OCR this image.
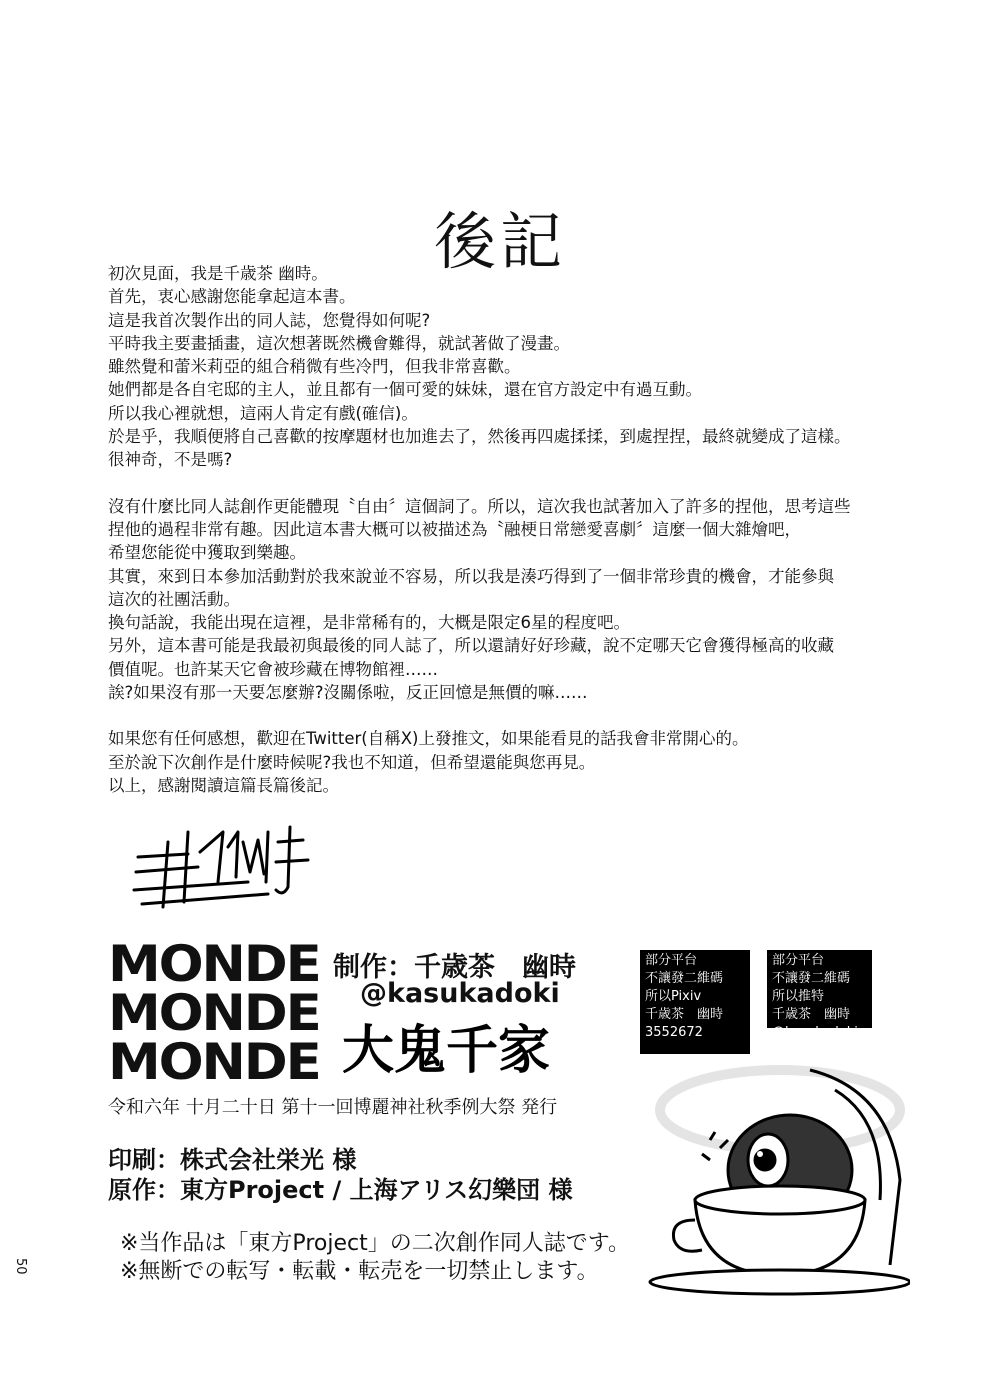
後記
初次見面，我是千歳茶 幽時。
首先，衷心感謝您能拿起這本書。
這是我首次製作出的同人誌，您覺得如何呢?
平時我主要畫插畫，這次想著既然機會難得，就試著做了漫畫。
雖然覺和蕾米莉亞的組合稍微有些冷門，但我非常喜歡。
她們都是各自宅邸的主人，並且都有一個可愛的妹妹，還在官方設定中有過互動。
所以我心裡就想，這兩人肯定有戲(確信)。
於是乎，我順便將自己喜歡的按摩題材也加進去了，然後再四處揉揉，到處捏捏，最終就變成了這樣。
很神奇，不是嗎?
沒有什麼比同人誌創作更能體現〝自由〞這個詞了。所以，這次我也試著加入了許多的捏他，思考這些
捏他的過程非常有趣。因此這本書大概可以被描述為〝融梗日常戀愛喜劇〞這麼一個大雜燴吧，
希望您能從中獲取到樂趣。
其實，來到日本參加活動對於我來說並不容易，所以我是湊巧得到了一個非常珍貴的機會，才能參與
這次的社團活動。
換句話說，我能出現在這裡，是非常稀有的，大概是限定6星的程度吧。
另外，這本書可能是我最初與最後的同人誌了，所以還請好好珍藏，說不定哪天它會獲得極高的收藏
價值呢。也許某天它會被珍藏在博物館裡……
誒?如果沒有那一天要怎麼辦?沒關係啦，反正回憶是無價的嘛……
如果您有任何感想，歡迎在Twitter(自稱X)上發推文，如果能看見的話我會非常開心的。
至於說下次創作是什麼時候呢?我也不知道，但希望還能與您再見。
以上，感謝閱讀這篇長篇後記。
MONDE
MONDE
MONDE
制作：千歳茶　幽時
@kasukadoki
大鬼千家
令和六年 十月二十日 第十一回博麗神社秋季例大祭 発行
印刷：株式会社栄光 様
原作：東方Project / 上海アリス幻樂団 様
※当作品は「東方Project」の二次創作同人誌です。
※無断での転写・転載・転売を一切禁止します。
50
部分平台
不讓發二維碼
所以Pixiv
千歳茶　幽時
3552672
部分平台
不讓發二維碼
所以推特
千歳茶　幽時
@kasukadoki
